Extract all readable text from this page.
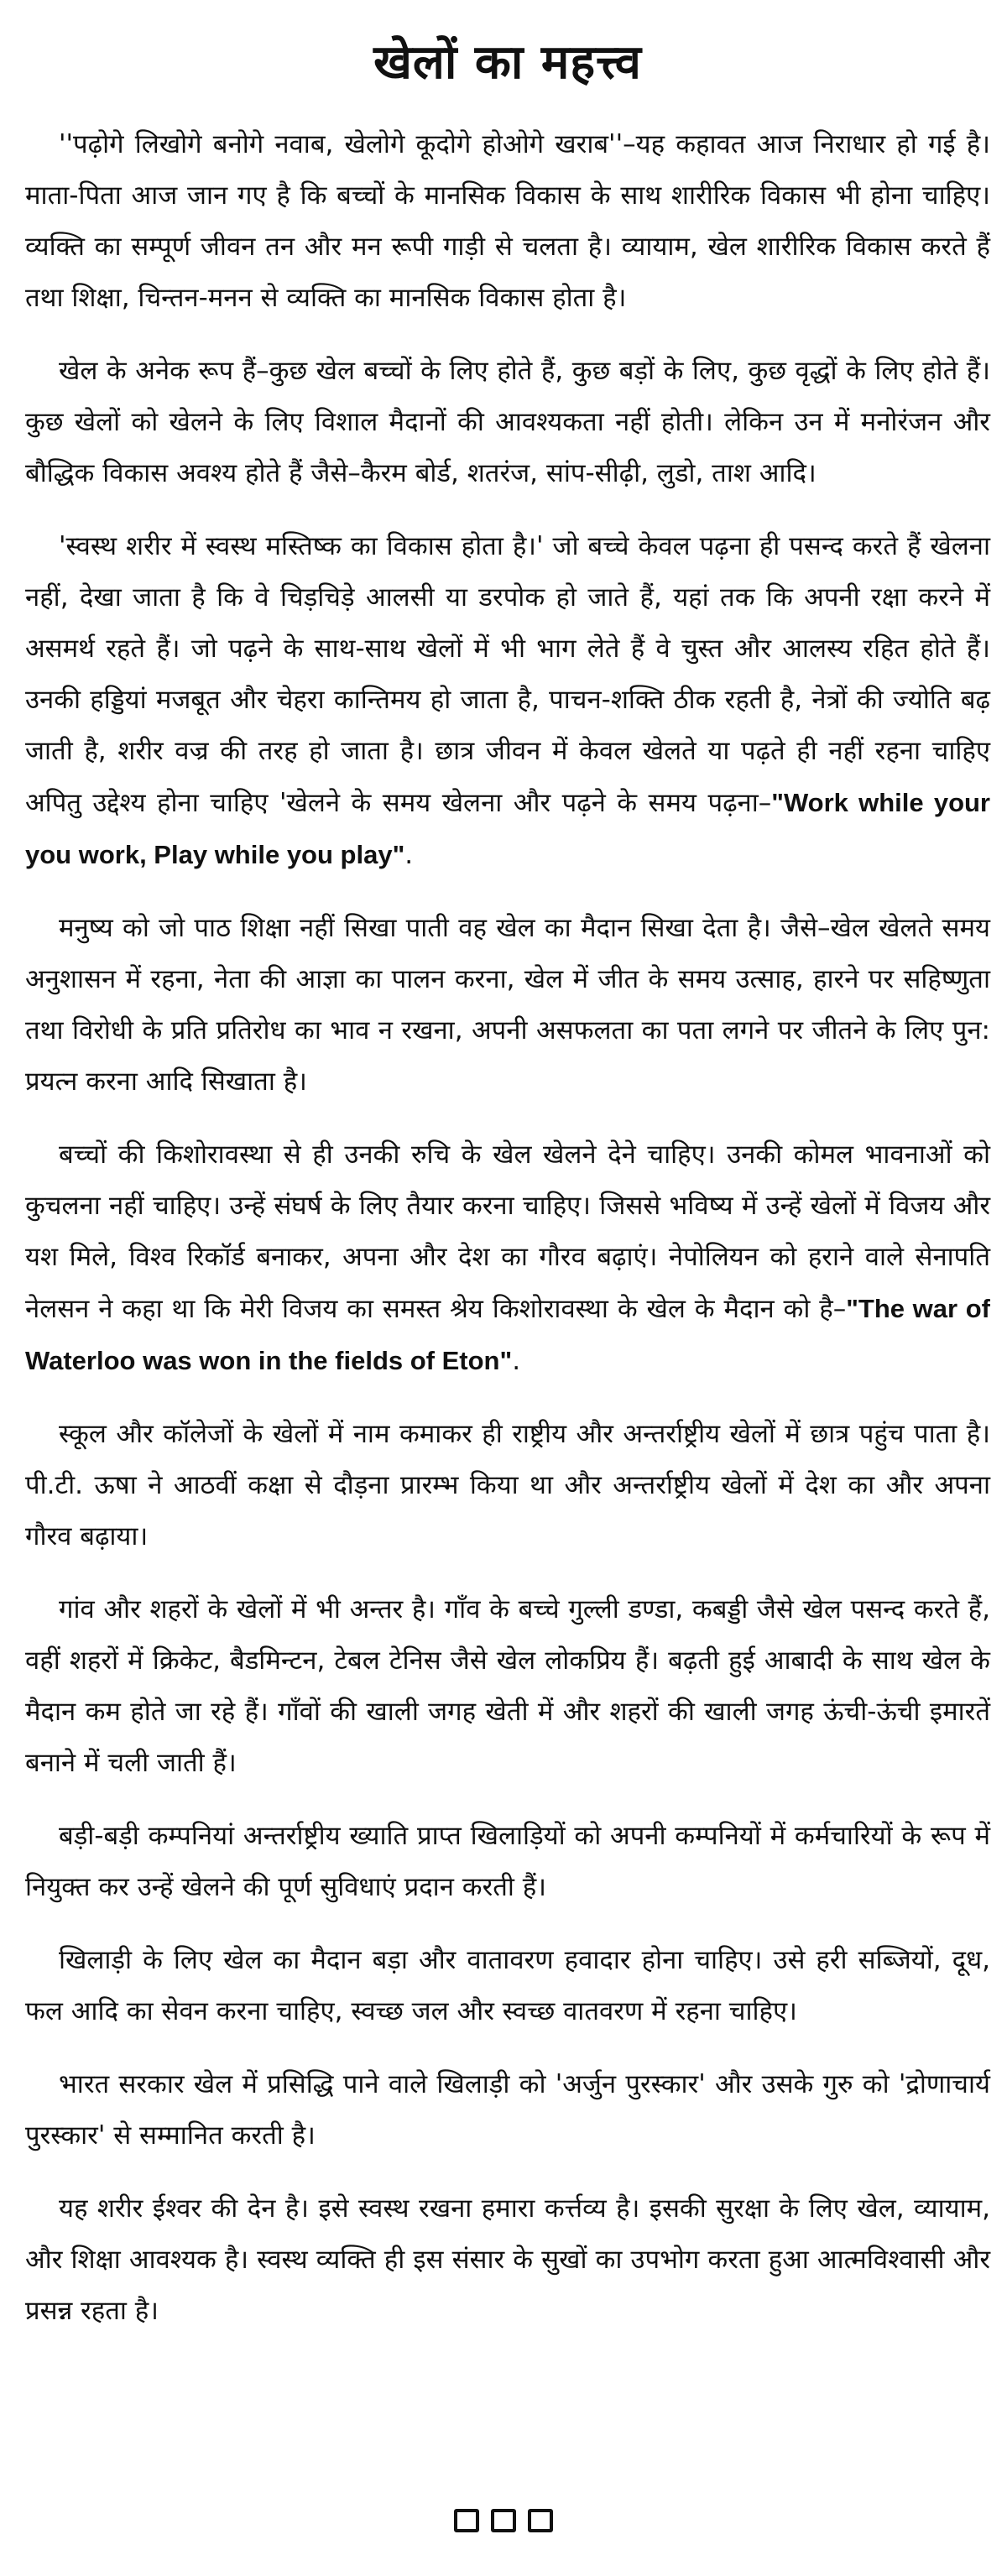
खेलों का महत्त्व

''पढ़ोगे लिखोगे बनोगे नवाब, खेलोगे कूदोगे होओगे खराब''–यह कहावत आज निराधार हो गई है। माता-पिता आज जान गए है कि बच्चों के मानसिक विकास के साथ शारीरिक विकास भी होना चाहिए। व्यक्ति का सम्पूर्ण जीवन तन और मन रूपी गाड़ी से चलता है। व्यायाम, खेल शारीरिक विकास करते हैं तथा शिक्षा, चिन्तन-मनन से व्यक्ति का मानसिक विकास होता है।

खेल के अनेक रूप हैं–कुछ खेल बच्चों के लिए होते हैं, कुछ बड़ों के लिए, कुछ वृद्धों के लिए होते हैं। कुछ खेलों को खेलने के लिए विशाल मैदानों की आवश्यकता नहीं होती। लेकिन उन में मनोरंजन और बौद्धिक विकास अवश्य होते हैं जैसे–कैरम बोर्ड, शतरंज, सांप-सीढ़ी, लुडो, ताश आदि।

'स्वस्थ शरीर में स्वस्थ मस्तिष्क का विकास होता है।' जो बच्चे केवल पढ़ना ही पसन्द करते हैं खेलना नहीं, देखा जाता है कि वे चिड़चिड़े आलसी या डरपोक हो जाते हैं, यहां तक कि अपनी रक्षा करने में असमर्थ रहते हैं। जो पढ़ने के साथ-साथ खेलों में भी भाग लेते हैं वे चुस्त और आलस्य रहित होते हैं। उनकी हड्डियां मजबूत और चेहरा कान्तिमय हो जाता है, पाचन-शक्ति ठीक रहती है, नेत्रों की ज्योति बढ़ जाती है, शरीर वज्र की तरह हो जाता है। छात्र जीवन में केवल खेलते या पढ़ते ही नहीं रहना चाहिए अपितु उद्देश्य होना चाहिए 'खेलने के समय खेलना और पढ़ने के समय पढ़ना–"Work while your you work, Play while you play".

मनुष्य को जो पाठ शिक्षा नहीं सिखा पाती वह खेल का मैदान सिखा देता है। जैसे–खेल खेलते समय अनुशासन में रहना, नेता की आज्ञा का पालन करना, खेल में जीत के समय उत्साह, हारने पर सहिष्णुता तथा विरोधी के प्रति प्रतिरोध का भाव न रखना, अपनी असफलता का पता लगने पर जीतने के लिए पुन: प्रयत्न करना आदि सिखाता है।

बच्चों की किशोरावस्था से ही उनकी रुचि के खेल खेलने देने चाहिए। उनकी कोमल भावनाओं को कुचलना नहीं चाहिए। उन्हें संघर्ष के लिए तैयार करना चाहिए। जिससे भविष्य में उन्हें खेलों में विजय और यश मिले, विश्व रिकॉर्ड बनाकर, अपना और देश का गौरव बढ़ाएं। नेपोलियन को हराने वाले सेनापति नेलसन ने कहा था कि मेरी विजय का समस्त श्रेय किशोरावस्था के खेल के मैदान को है–"The war of Waterloo was won in the fields of Eton".

स्कूल और कॉलेजों के खेलों में नाम कमाकर ही राष्ट्रीय और अन्तर्राष्ट्रीय खेलों में छात्र पहुंच पाता है। पी.टी. ऊषा ने आठवीं कक्षा से दौड़ना प्रारम्भ किया था और अन्तर्राष्ट्रीय खेलों में देश का और अपना गौरव बढ़ाया।

गांव और शहरों के खेलों में भी अन्तर है। गाँव के बच्चे गुल्ली डण्डा, कबड्डी जैसे खेल पसन्द करते हैं, वहीं शहरों में क्रिकेट, बैडमिन्टन, टेबल टेनिस जैसे खेल लोकप्रिय हैं। बढ़ती हुई आबादी के साथ खेल के मैदान कम होते जा रहे हैं। गाँवों की खाली जगह खेती में और शहरों की खाली जगह ऊंची-ऊंची इमारतें बनाने में चली जाती हैं।

बड़ी-बड़ी कम्पनियां अन्तर्राष्ट्रीय ख्याति प्राप्त खिलाड़ियों को अपनी कम्पनियों में कर्मचारियों के रूप में नियुक्त कर उन्हें खेलने की पूर्ण सुविधाएं प्रदान करती हैं।

खिलाड़ी के लिए खेल का मैदान बड़ा और वातावरण हवादार होना चाहिए। उसे हरी सब्जियों, दूध, फल आदि का सेवन करना चाहिए, स्वच्छ जल और स्वच्छ वातवरण में रहना चाहिए।

भारत सरकार खेल में प्रसिद्धि पाने वाले खिलाड़ी को 'अर्जुन पुरस्कार' और उसके गुरु को 'द्रोणाचार्य पुरस्कार' से सम्मानित करती है।

यह शरीर ईश्वर की देन है। इसे स्वस्थ रखना हमारा कर्त्तव्य है। इसकी सुरक्षा के लिए खेल, व्यायाम, और शिक्षा आवश्यक है। स्वस्थ व्यक्ति ही इस संसार के सुखों का उपभोग करता हुआ आत्मविश्वासी और प्रसन्न रहता है।
